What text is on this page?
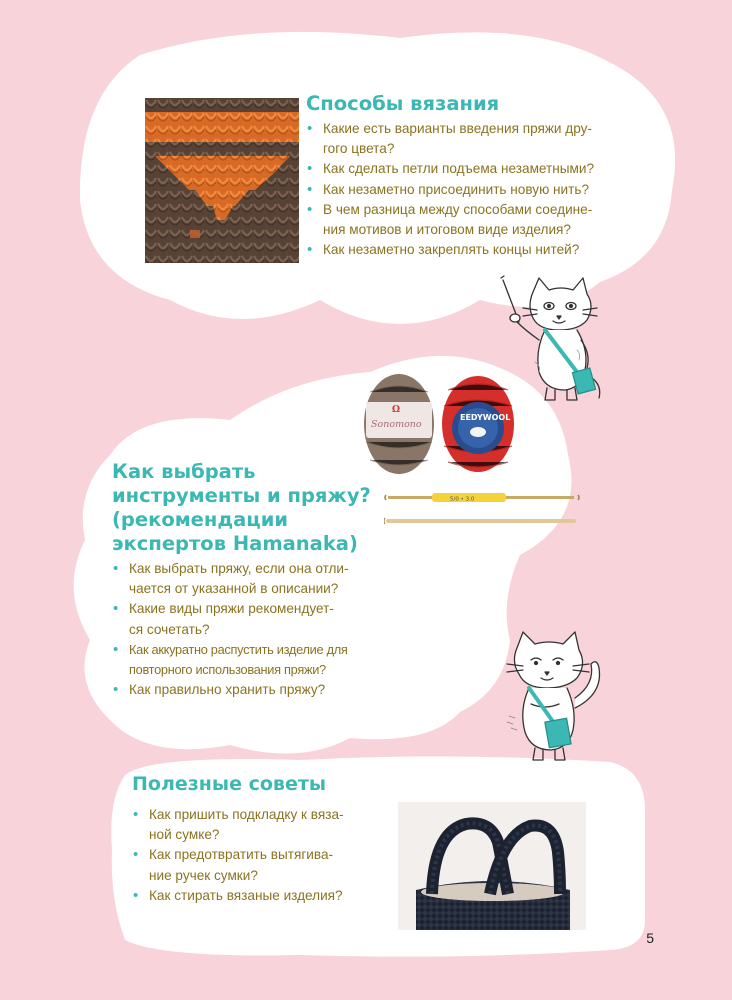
Способы вязания
• Какие есть варианты введения пряжи дру-
гого цвета?
• Как сделать петли подъема незаметными?
• Как незаметно присоединить новую нить?
• В чем разница между способами соедине-
ния мотивов и итоговом виде изделия?
• Как незаметно закреплять концы нитей?
Ω
Sonomono
EEDYWOOL
5/0 • 3.0
Как выбрать
инструменты и пряжу?
(рекомендации
экспертов Hamanaka)
• Как выбрать пряжу, если она отли-
чается от указанной в описании?
• Какие виды пряжи рекомендует-
ся сочетать?
• Как аккуратно распустить изделие для
повторного использования пряжи?
• Как правильно хранить пряжу?
Полезные советы
• Как пришить подкладку к вяза-
ной сумке?
• Как предотвратить вытягива-
ние ручек сумки?
• Как стирать вязаные изделия?
5
